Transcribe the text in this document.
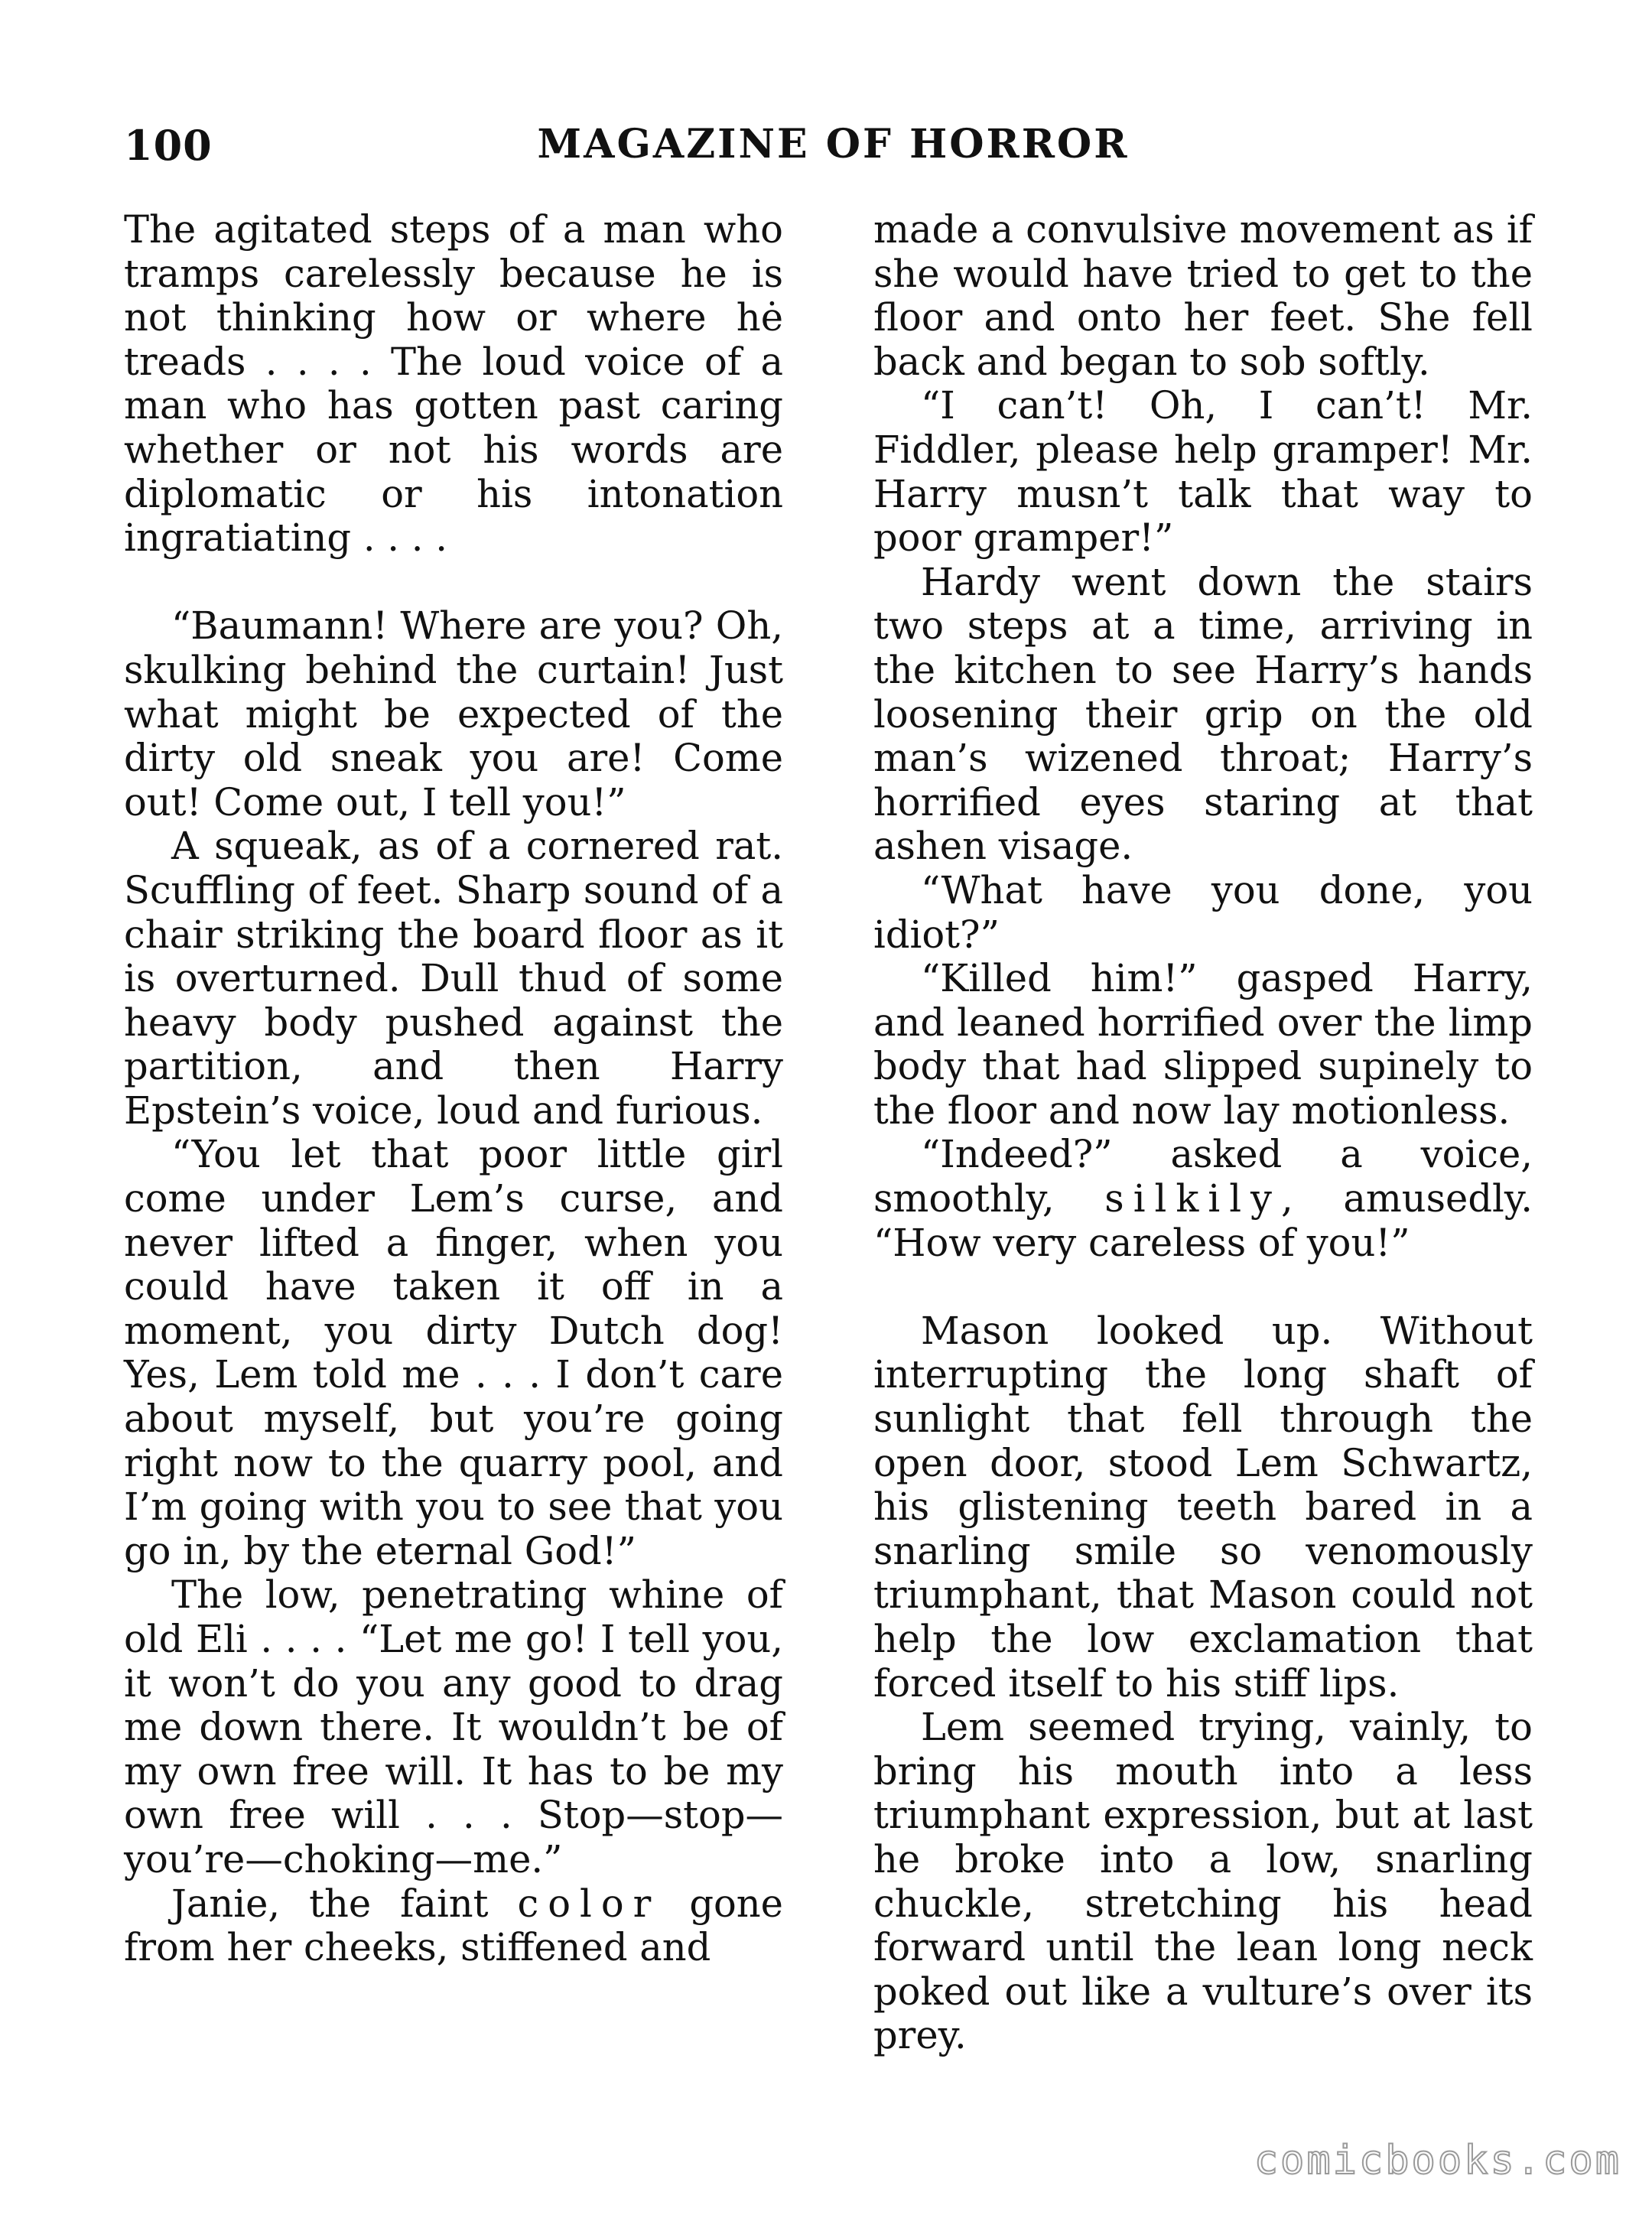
100	MAGAZINE OF HORROR

The agitated steps of a man who tramps carelessly because he is not thinking how or where hė treads . . . . The loud voice of a man who has gotten past caring whether or not his words are diplomatic or his intonation ingratiating . . . .

“Baumann! Where are you? Oh, skulking behind the curtain! Just what might be expected of the dirty old sneak you are! Come out! Come out, I tell you!”

A squeak, as of a cornered rat. Scuffling of feet. Sharp sound of a chair striking the board floor as it is overturned. Dull thud of some heavy body pushed against the partition, and then Harry Epstein’s voice, loud and furious.

“You let that poor little girl come under Lem’s curse, and never lifted a finger, when you could have taken it off in a moment, you dirty Dutch dog! Yes, Lem told me . . . I don’t care about myself, but you’re going right now to the quarry pool, and I’m going with you to see that you go in, by the eternal God!”

The low, penetrating whine of old Eli . . . . “Let me go! I tell you, it won’t do you any good to drag me down there. It wouldn’t be of my own free will. It has to be my own free will . . . Stop—stop—you’re—choking—me.”

Janie, the faint color gone from her cheeks, stiffened and

made a convulsive movement as if she would have tried to get to the floor and onto her feet. She fell back and began to sob softly.

“I can’t! Oh, I can’t! Mr. Fiddler, please help gramper! Mr. Harry musn’t talk that way to poor gramper!”

Hardy went down the stairs two steps at a time, arriving in the kitchen to see Harry’s hands loosening their grip on the old man’s wizened throat; Harry’s horrified eyes staring at that ashen visage.

“What have you done, you idiot?”

“Killed him!” gasped Harry, and leaned horrified over the limp body that had slipped supinely to the floor and now lay motionless.

“Indeed?” asked a voice, smoothly, silkily, amusedly. “How very careless of you!”

Mason looked up. Without interrupting the long shaft of sunlight that fell through the open door, stood Lem Schwartz, his glistening teeth bared in a snarling smile so venomously triumphant, that Mason could not help the low exclamation that forced itself to his stiff lips.

Lem seemed trying, vainly, to bring his mouth into a less triumphant expression, but at last he broke into a low, snarling chuckle, stretching his head forward until the lean long neck poked out like a vulture’s over its prey.

comicbooks.com
